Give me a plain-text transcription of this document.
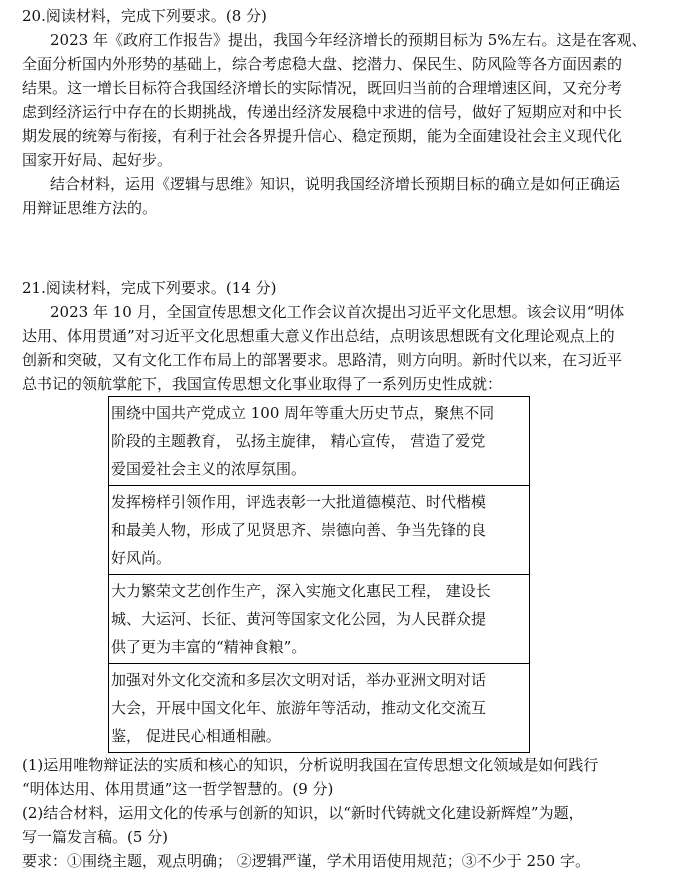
20.阅读材料，完成下列要求。(8 分)
2023 年《政府工作报告》提出，我国今年经济增长的预期目标为 5%左右。这是在客观、
全面分析国内外形势的基础上，综合考虑稳大盘、挖潜力、保民生、防风险等各方面因素的
结果。这一增长目标符合我国经济增长的实际情况，既回归当前的合理增速区间，又充分考
虑到经济运行中存在的长期挑战，传递出经济发展稳中求进的信号，做好了短期应对和中长
期发展的统筹与衔接，有利于社会各界提升信心、稳定预期，能为全面建设社会主义现代化
国家开好局、起好步。
结合材料，运用《逻辑与思维》知识，说明我国经济增长预期目标的确立是如何正确运
用辩证思维方法的。
21.阅读材料，完成下列要求。(14 分)
2023 年 10 月，全国宣传思想文化工作会议首次提出习近平文化思想。该会议用“明体
达用、体用贯通”对习近平文化思想重大意义作出总结，点明该思想既有文化理论观点上的
创新和突破，又有文化工作布局上的部署要求。思路清，则方向明。新时代以来，在习近平
总书记的领航掌舵下，我国宣传思想文化事业取得了一系列历史性成就：
围绕中国共产党成立 100 周年等重大历史节点，聚焦不同
阶段的主题教育， 弘扬主旋律， 精心宣传， 营造了爱党
爱国爱社会主义的浓厚氛围。

发挥榜样引领作用，评选表彰一大批道德模范、时代楷模
和最美人物，形成了见贤思齐、崇德向善、争当先锋的良
好风尚。

大力繁荣文艺创作生产，深入实施文化惠民工程， 建设长
城、大运河、长征、黄河等国家文化公园，为人民群众提
供了更为丰富的“精神食粮”。

加强对外文化交流和多层次文明对话，举办亚洲文明对话
大会，开展中国文化年、旅游年等活动，推动文化交流互
鉴， 促进民心相通相融。
(1)运用唯物辩证法的实质和核心的知识，分析说明我国在宣传思想文化领域是如何践行
“明体达用、体用贯通”这一哲学智慧的。(9 分)
(2)结合材料，运用文化的传承与创新的知识，以“新时代铸就文化建设新辉煌”为题，
写一篇发言稿。(5 分)
要求：①围绕主题，观点明确； ②逻辑严谨，学术用语使用规范；③不少于 250 字。
